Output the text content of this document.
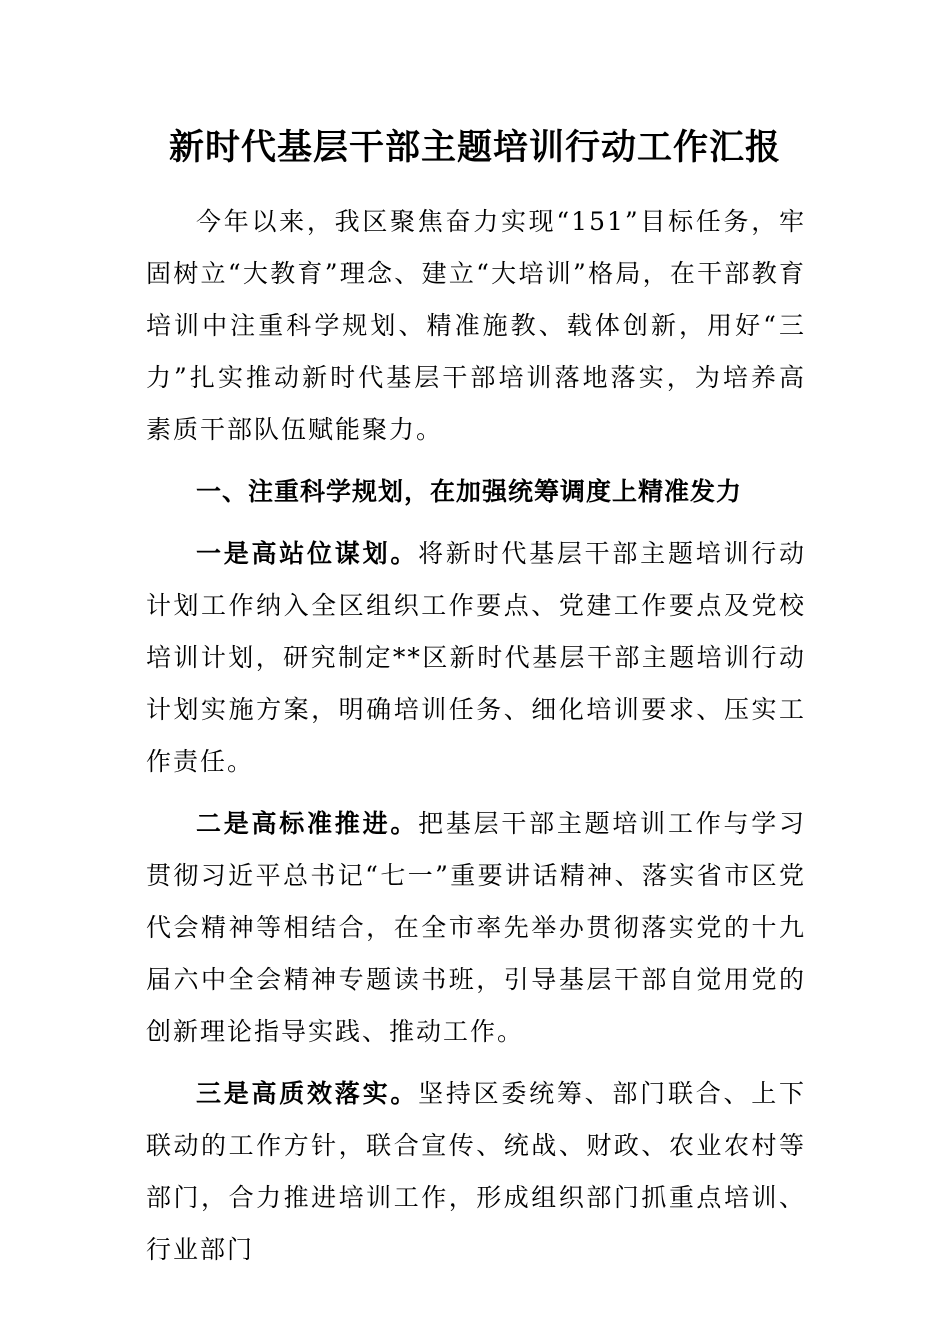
新时代基层干部主题培训行动工作汇报

今年以来，我区聚焦奋力实现“151”目标任务，牢固树立“大教育”理念、建立“大培训”格局，在干部教育培训中注重科学规划、精准施教、载体创新，用好“三力”扎实推动新时代基层干部培训落地落实，为培养高素质干部队伍赋能聚力。

一、注重科学规划，在加强统筹调度上精准发力

一是高站位谋划。将新时代基层干部主题培训行动计划工作纳入全区组织工作要点、党建工作要点及党校培训计划，研究制定**区新时代基层干部主题培训行动计划实施方案，明确培训任务、细化培训要求、压实工作责任。

二是高标准推进。把基层干部主题培训工作与学习贯彻习近平总书记“七一”重要讲话精神、落实省市区党代会精神等相结合，在全市率先举办贯彻落实党的十九届六中全会精神专题读书班，引导基层干部自觉用党的创新理论指导实践、推动工作。

三是高质效落实。坚持区委统筹、部门联合、上下联动的工作方针，联合宣传、统战、财政、农业农村等部门，合力推进培训工作，形成组织部门抓重点培训、行业部门
